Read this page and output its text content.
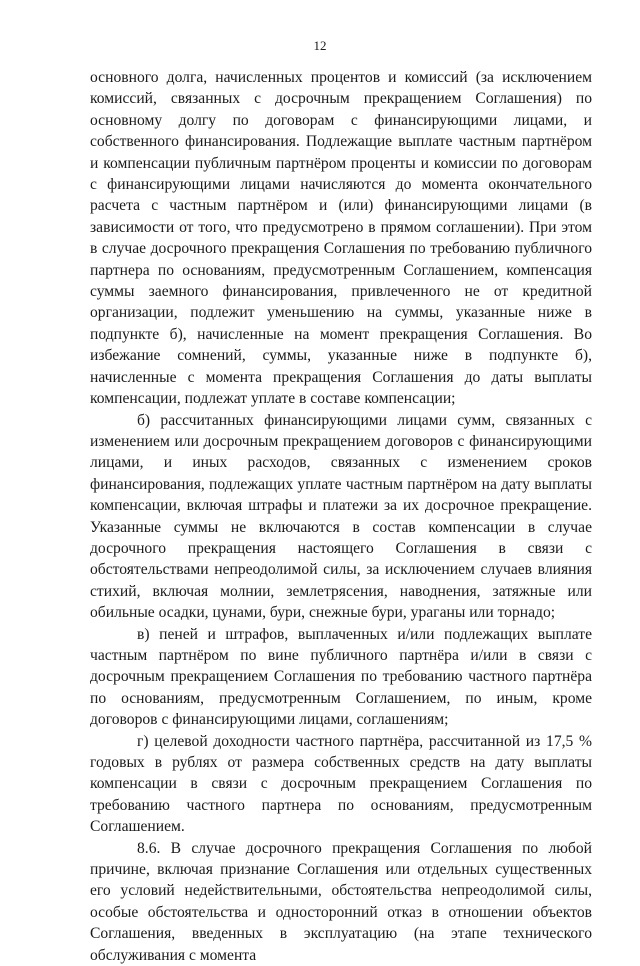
12

основного долга, начисленных процентов и комиссий (за исключением комиссий, связанных с досрочным прекращением Соглашения) по основному долгу по договорам с финансирующими лицами, и собственного финансирования. Подлежащие выплате частным партнёром и компенсации публичным партнёром проценты и комиссии по договорам с финансирующими лицами начисляются до момента окончательного расчета с частным партнёром и (или) финансирующими лицами (в зависимости от того, что предусмотрено в прямом соглашении). При этом в случае досрочного прекращения Соглашения по требованию публичного партнера по основаниям, предусмотренным Соглашением, компенсация суммы заемного финансирования, привлеченного не от кредитной организации, подлежит уменьшению на суммы, указанные ниже в подпункте б), начисленные на момент прекращения Соглашения. Во избежание сомнений, суммы, указанные ниже в подпункте б), начисленные с момента прекращения Соглашения до даты выплаты компенсации, подлежат уплате в составе компенсации;

б) рассчитанных финансирующими лицами сумм, связанных с изменением или досрочным прекращением договоров с финансирующими лицами, и иных расходов, связанных с изменением сроков финансирования, подлежащих уплате частным партнёром на дату выплаты компенсации, включая штрафы и платежи за их досрочное прекращение. Указанные суммы не включаются в состав компенсации в случае досрочного прекращения настоящего Соглашения в связи с обстоятельствами непреодолимой силы, за исключением случаев влияния стихий, включая молнии, землетрясения, наводнения, затяжные или обильные осадки, цунами, бури, снежные бури, ураганы или торнадо;

в) пеней и штрафов, выплаченных и/или подлежащих выплате частным партнёром по вине публичного партнёра и/или в связи с досрочным прекращением Соглашения по требованию частного партнёра по основаниям, предусмотренным Соглашением, по иным, кроме договоров с финансирующими лицами, соглашениям;

г) целевой доходности частного партнёра, рассчитанной из 17,5 % годовых в рублях от размера собственных средств на дату выплаты компенсации в связи с досрочным прекращением Соглашения по требованию частного партнера по основаниям, предусмотренным Соглашением.

8.6. В случае досрочного прекращения Соглашения по любой причине, включая признание Соглашения или отдельных существенных его условий недействительными, обстоятельства непреодолимой силы, особые обстоятельства и односторонний отказ в отношении объектов Соглашения, введенных в эксплуатацию (на этапе технического обслуживания с момента
